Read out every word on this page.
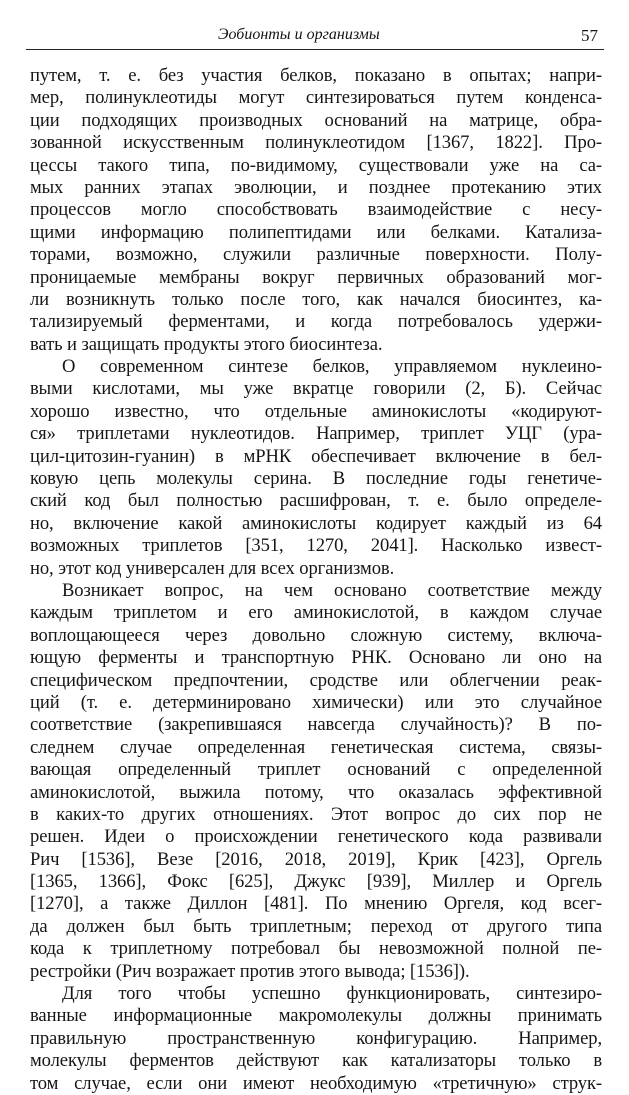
Эобионты и организмы	57
путем, т. е. без участия белков, показано в опытах; напри-
мер, полинуклеотиды могут синтезироваться путем конденса-
ции подходящих производных оснований на матрице, обра-
зованной искусственным полинуклеотидом [1367, 1822]. Про-
цессы такого типа, по-видимому, существовали уже на са-
мых ранних этапах эволюции, и позднее протеканию этих
процессов могло способствовать взаимодействие с несу-
щими информацию полипептидами или белками. Катализа-
торами, возможно, служили различные поверхности. Полу-
проницаемые мембраны вокруг первичных образований мог-
ли возникнуть только после того, как начался биосинтез, ка-
тализируемый ферментами, и когда потребовалось удержи-
вать и защищать продукты этого биосинтеза.
О современном синтезе белков, управляемом нуклеино-
выми кислотами, мы уже вкратце говорили (2, Б). Сейчас
хорошо известно, что отдельные аминокислоты «кодируют-
ся» триплетами нуклеотидов. Например, триплет УЦГ (ура-
цил-цитозин-гуанин) в мРНК обеспечивает включение в бел-
ковую цепь молекулы серина. В последние годы генетиче-
ский код был полностью расшифрован, т. е. было определе-
но, включение какой аминокислоты кодирует каждый из 64
возможных триплетов [351, 1270, 2041]. Насколько извест-
но, этот код универсален для всех организмов.
Возникает вопрос, на чем основано соответствие между
каждым триплетом и его аминокислотой, в каждом случае
воплощающееся через довольно сложную систему, включа-
ющую ферменты и транспортную РНК. Основано ли оно на
специфическом предпочтении, сродстве или облегчении реак-
ций (т. е. детерминировано химически) или это случайное
соответствие (закрепившаяся навсегда случайность)? В по-
следнем случае определенная генетическая система, связы-
вающая определенный триплет оснований с определенной
аминокислотой, выжила потому, что оказалась эффективной
в каких-то других отношениях. Этот вопрос до сих пор не
решен. Идеи о происхождении генетического кода развивали
Рич [1536], Везе [2016, 2018, 2019], Крик [423], Оргель
[1365, 1366], Фокс [625], Джукс [939], Миллер и Оргель
[1270], а также Диллон [481]. По мнению Оргеля, код всег-
да должен был быть триплетным; переход от другого типа
кода к триплетному потребовал бы невозможной полной пе-
рестройки (Рич возражает против этого вывода; [1536]).
Для того чтобы успешно функционировать, синтезиро-
ванные информационные макромолекулы должны принимать
правильную пространственную конфигурацию. Например,
молекулы ферментов действуют как катализаторы только в
том случае, если они имеют необходимую «третичную» струк-
